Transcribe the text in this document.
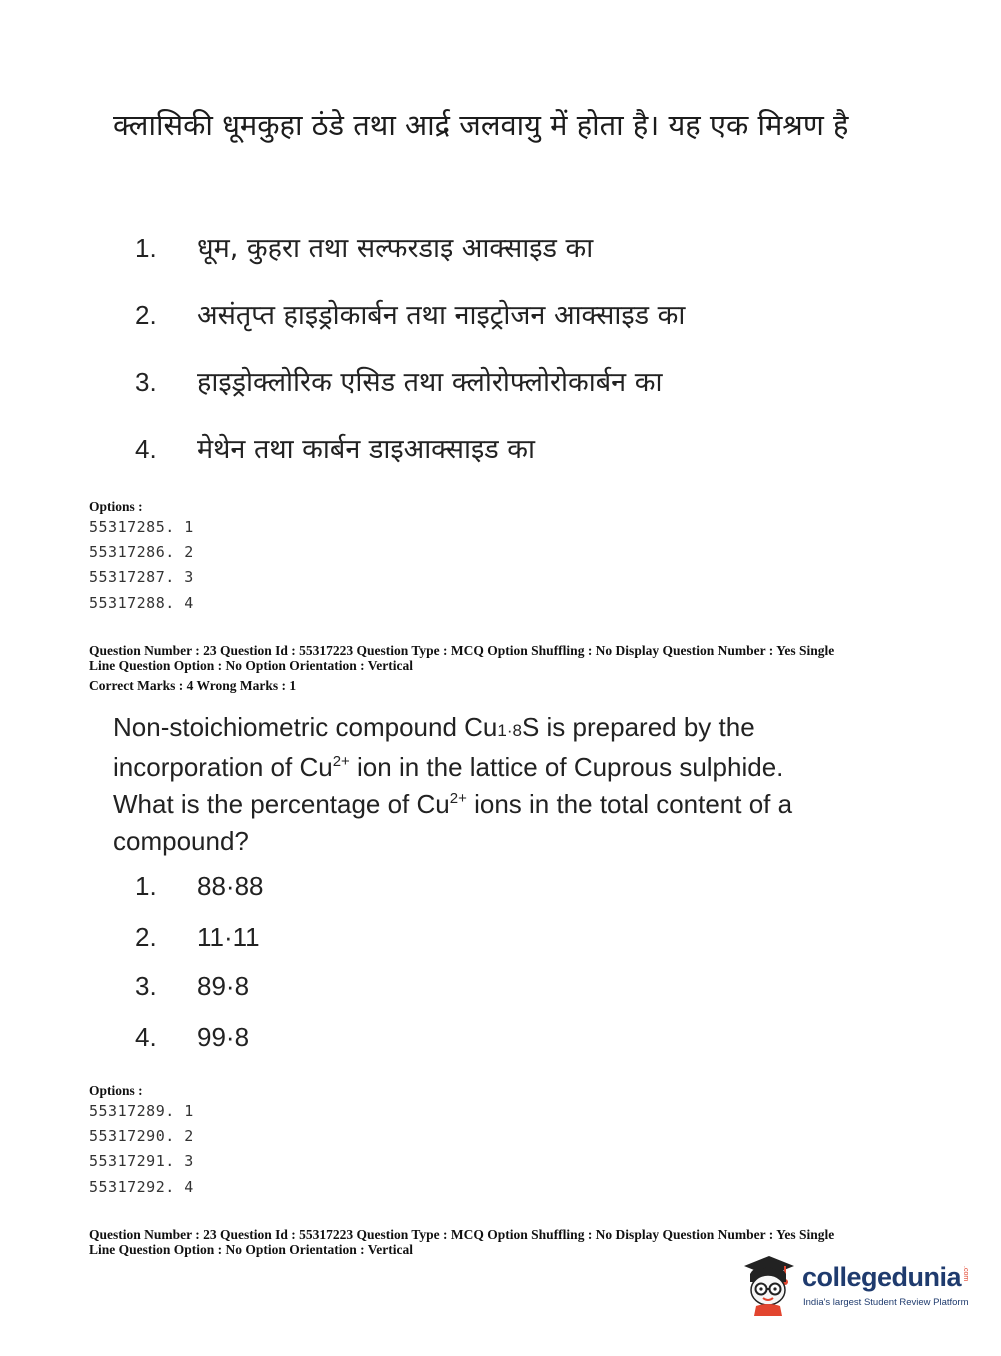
क्लासिकी धूमकुहा ठंडे तथा आर्द्र जलवायु में होता है। यह एक मिश्रण है
1. धूम, कुहरा तथा सल्फरडाइ आक्साइड का
2. असंतृप्त हाइड्रोकार्बन तथा नाइट्रोजन आक्साइड का
3. हाइड्रोक्लोरिक एसिड तथा क्लोरोफ्लोरोकार्बन का
4. मेथेन तथा कार्बन डाइआक्साइड का
Options :
55317285. 1
55317286. 2
55317287. 3
55317288. 4
Question Number : 23 Question Id : 55317223 Question Type : MCQ Option Shuffling : No Display Question Number : Yes Single
Line Question Option : No Option Orientation : Vertical
Correct Marks : 4 Wrong Marks : 1
Non-stoichiometric compound Cu1·8S is prepared by the incorporation of $Cu^{2+}$ ion in the lattice of Cuprous sulphide. What is the percentage of $Cu^{2+}$ ions in the total content of a compound?
1. 88·88
2. 11·11
3. 89·8
4. 99·8
Options :
55317289. 1
55317290. 2
55317291. 3
55317292. 4
Question Number : 23 Question Id : 55317223 Question Type : MCQ Option Shuffling : No Display Question Number : Yes Single
Line Question Option : No Option Orientation : Vertical
collegedunia .com
India's largest Student Review Platform
